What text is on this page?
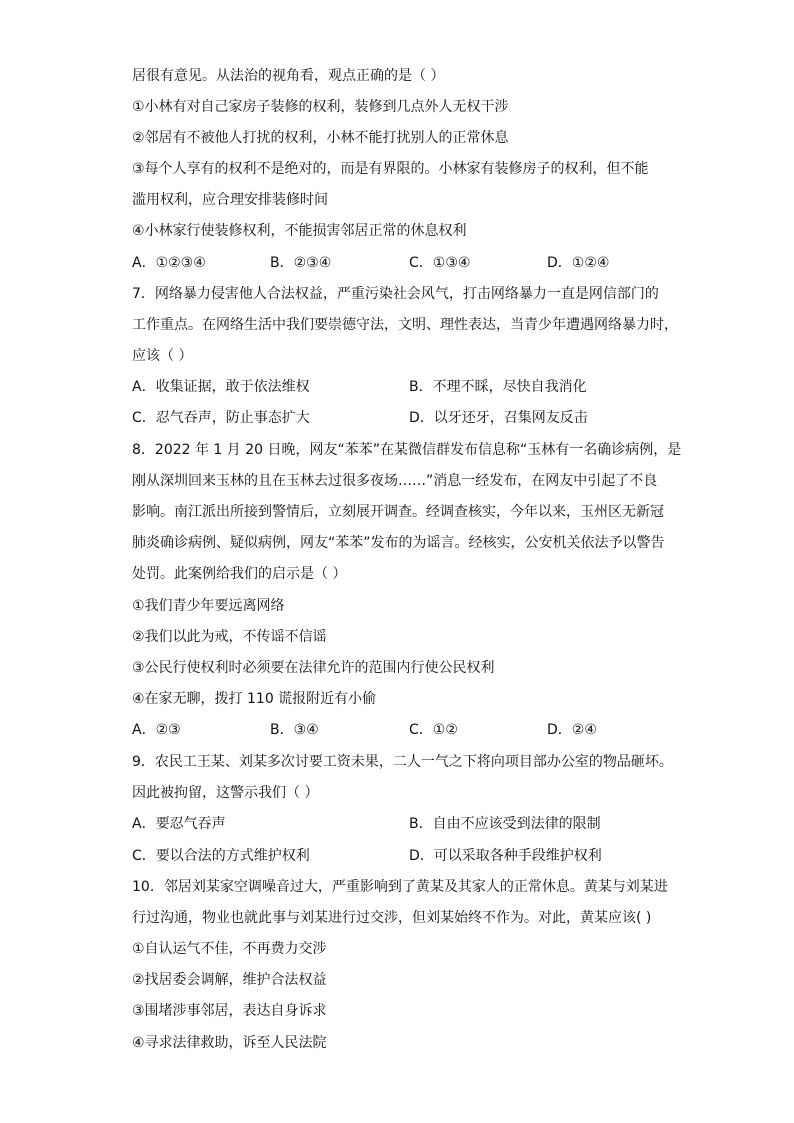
居很有意见。从法治的视角看，观点正确的是（ ）
①小林有对自己家房子装修的权利，装修到几点外人无权干涉
②邻居有不被他人打扰的权利，小林不能打扰别人的正常休息
③每个人享有的权利不是绝对的，而是有界限的。小林家有装修房子的权利，但不能
滥用权利，应合理安排装修时间
④小林家行使装修权利，不能损害邻居正常的休息权利
A．①②③④	B．②③④	C．①③④	D．①②④
7．网络暴力侵害他人合法权益，严重污染社会风气，打击网络暴力一直是网信部门的
工作重点。在网络生活中我们要崇德守法，文明、理性表达，当青少年遭遇网络暴力时，
应该（ ）
A．收集证据，敢于依法维权	B．不理不睬，尽快自我消化
C．忍气吞声，防止事态扩大	D．以牙还牙，召集网友反击
8．2022 年 1 月 20 日晚，网友“苯苯”在某微信群发布信息称“玉林有一名确诊病例，是
刚从深圳回来玉林的且在玉林去过很多夜场……”消息一经发布，在网友中引起了不良
影响。南江派出所接到警情后，立刻展开调查。经调查核实，今年以来，玉州区无新冠
肺炎确诊病例、疑似病例，网友“苯苯”发布的为谣言。经核实，公安机关依法予以警告
处罚。此案例给我们的启示是（ ）
①我们青少年要远离网络
②我们以此为戒，不传谣不信谣
③公民行使权利时必须要在法律允许的范围内行使公民权利
④在家无聊，拨打 110 谎报附近有小偷
A．②③	B．③④	C．①②	D．②④
9．农民工王某、刘某多次讨要工资未果，二人一气之下将向项目部办公室的物品砸坏。
因此被拘留，这警示我们（ ）
A．要忍气吞声	B．自由不应该受到法律的限制
C．要以合法的方式维护权利	D．可以采取各种手段维护权利
10．邻居刘某家空调噪音过大，严重影响到了黄某及其家人的正常休息。黄某与刘某进
行过沟通，物业也就此事与刘某进行过交涉，但刘某始终不作为。对此，黄某应该( )
①自认运气不佳，不再费力交涉
②找居委会调解，维护合法权益
③围堵涉事邻居，表达自身诉求
④寻求法律救助，诉至人民法院
